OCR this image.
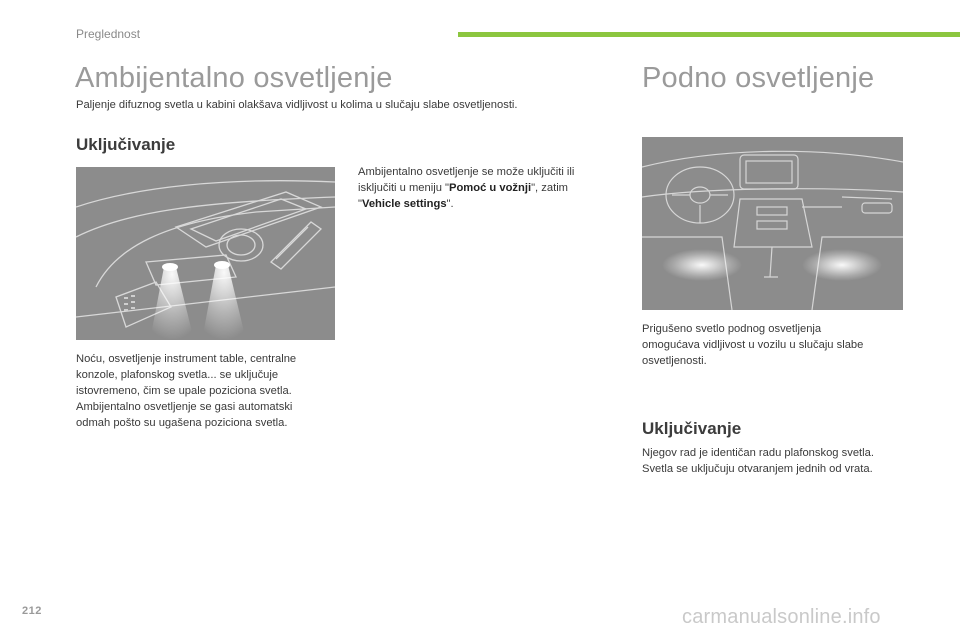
Preglednost
Ambijentalno osvetljenje

Paljenje difuznog svetla u kabini olakšava vidljivost u kolima u slučaju slabe osvetljenosti.

Uključivanje

Noću, osvetljenje instrument table, centralne
konzole, plafonskog svetla... se uključuje
istovremeno, čim se upale poziciona svetla.
Ambijentalno osvetljenje se gasi automatski
odmah pošto su ugašena poziciona svetla.

Ambijentalno osvetljenje se može uključiti ili
isključiti u meniju "Pomoć u vožnji", zatim
"Vehicle settings".

Podno osvetljenje

Prigušeno svetlo podnog osvetljenja
omogućava vidljivost u vozilu u slučaju slabe
osvetljenosti.

Uključivanje

Njegov rad je identičan radu plafonskog svetla.
Svetla se uključuju otvaranjem jednih od vrata.

212	carmanualsonline.info
